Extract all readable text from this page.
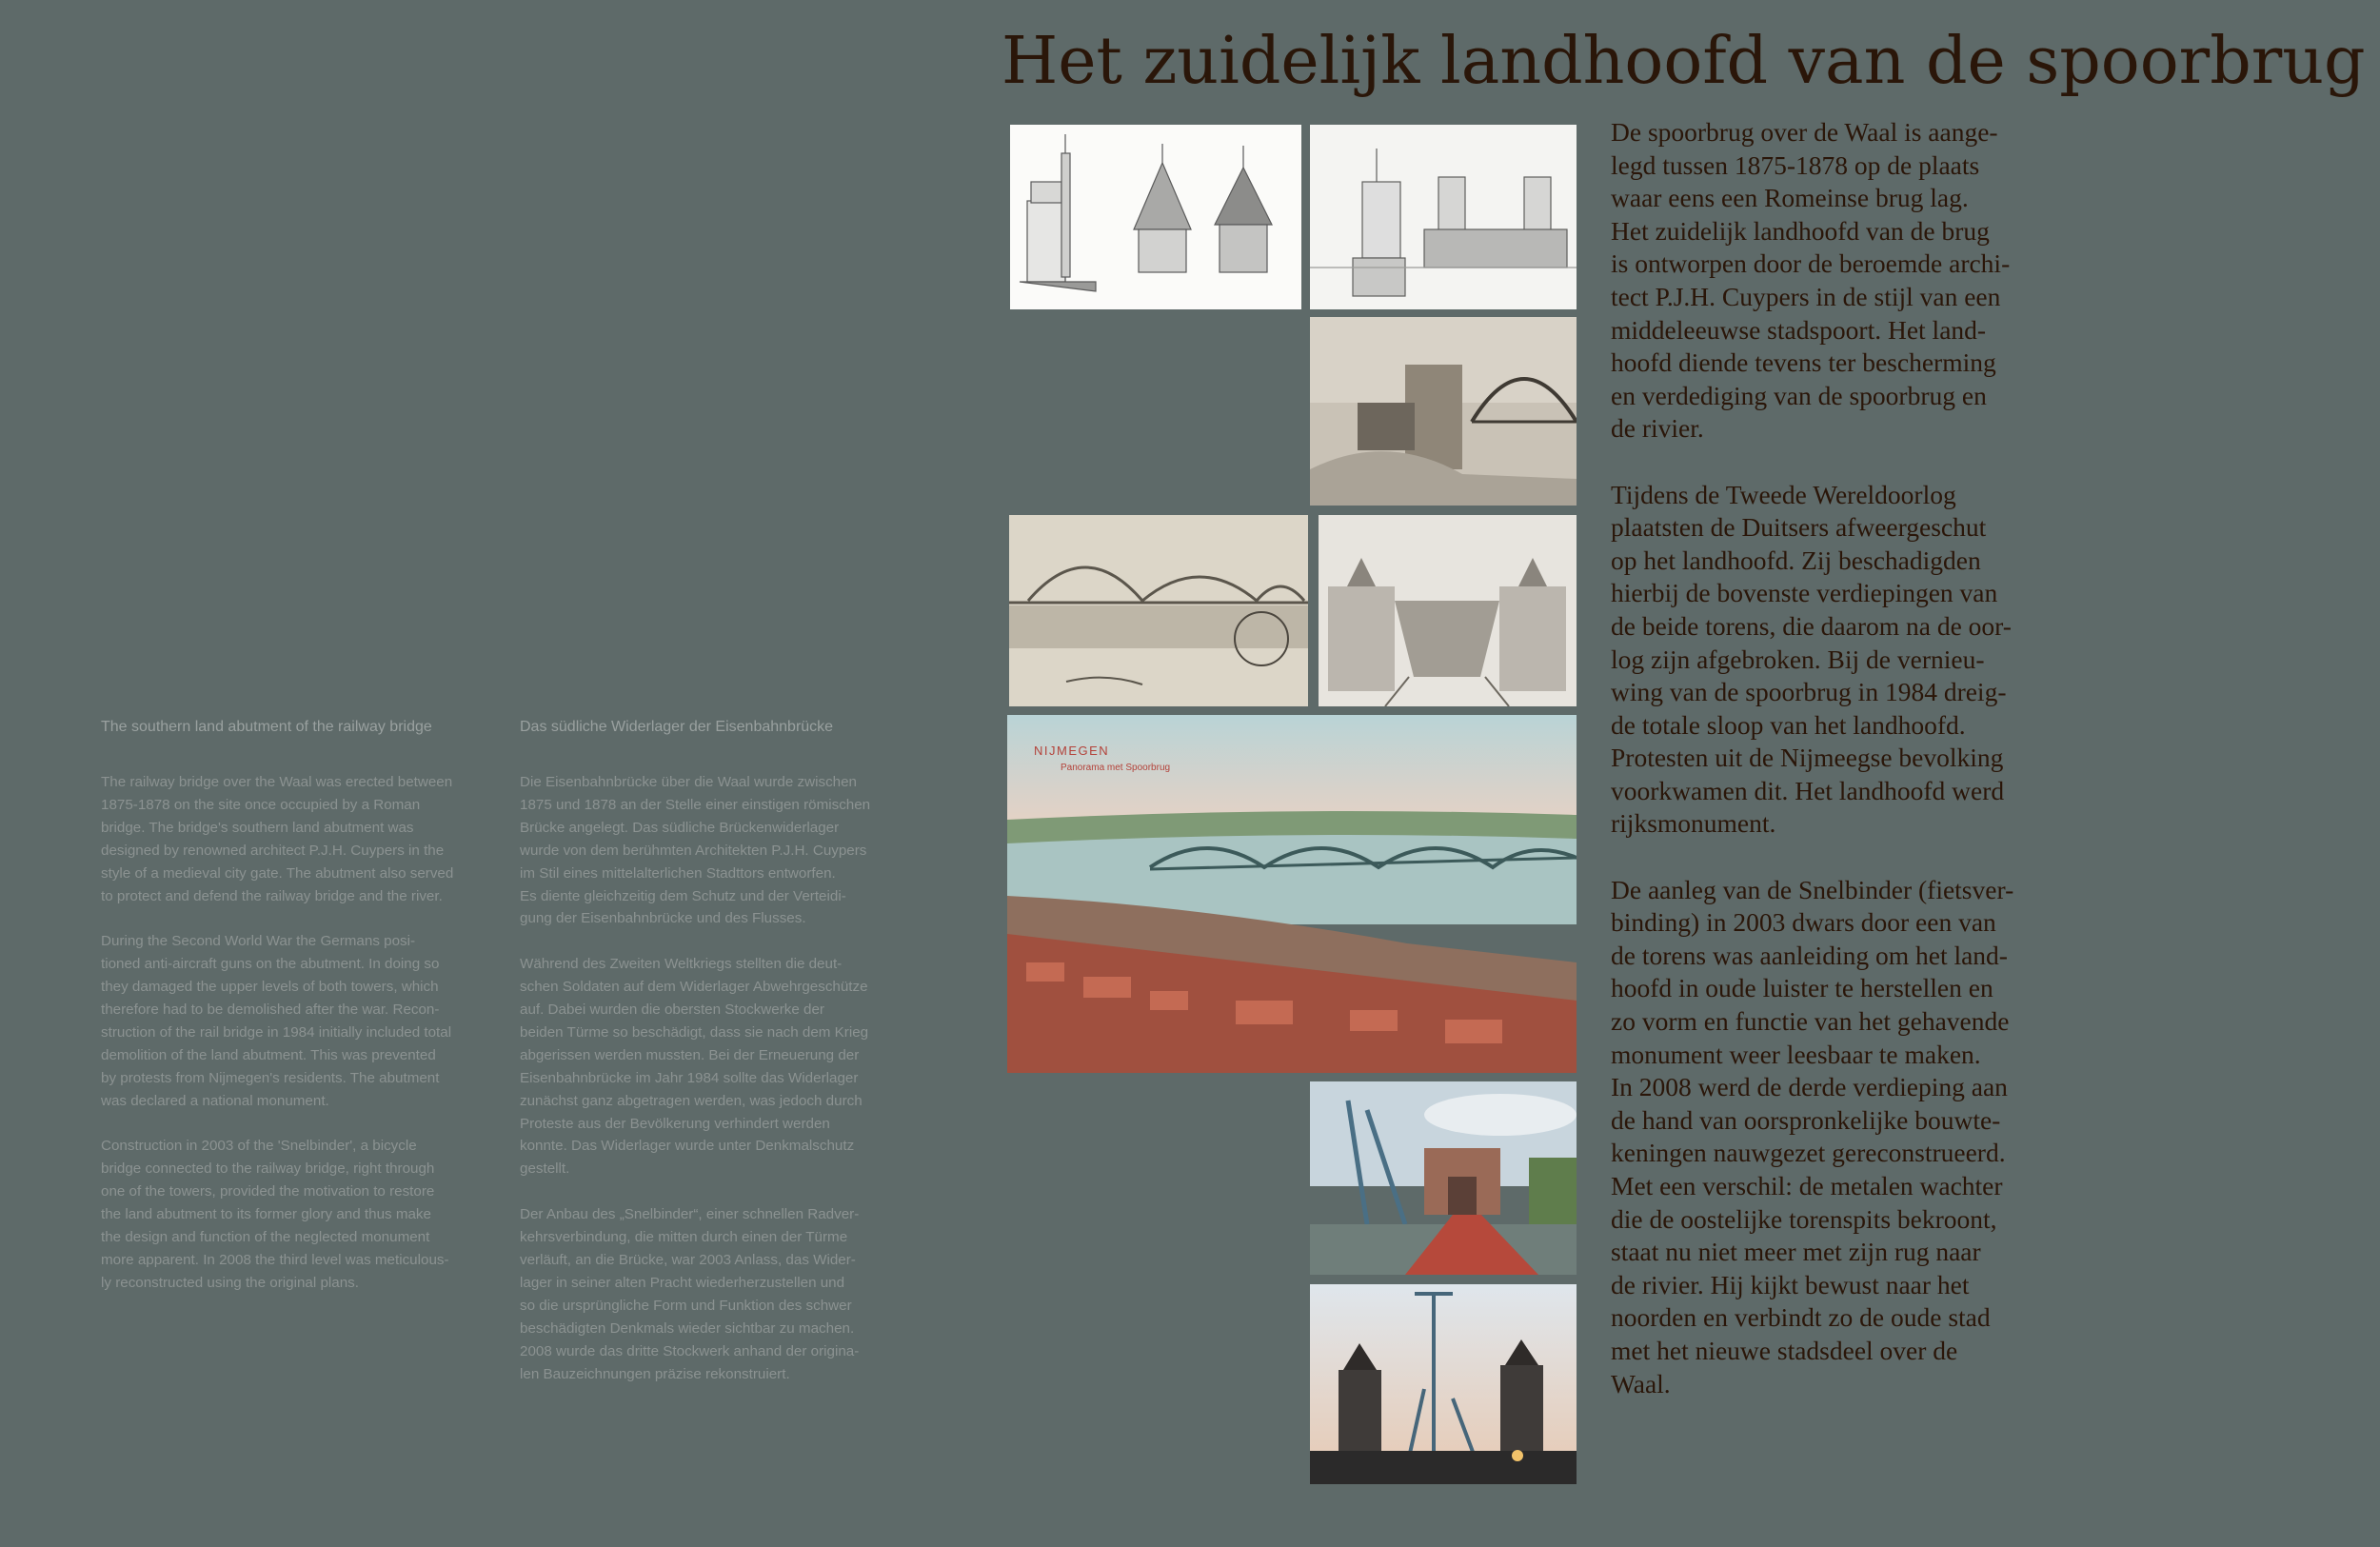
Het zuidelijk landhoofd van de spoorbrug
NIJMEGEN
Panorama met Spoorbrug

De spoorbrug over de Waal is aange-
legd tussen 1875-1878 op de plaats
waar eens een Romeinse brug lag.
Het zuidelijk landhoofd van de brug
is ontworpen door de beroemde archi-
tect P.J.H. Cuypers in de stijl van een
middeleeuwse stadspoort. Het land-
hoofd diende tevens ter bescherming
en verdediging van de spoorbrug en
de rivier.

Tijdens de Tweede Wereldoorlog
plaatsten de Duitsers afweergeschut
op het landhoofd. Zij beschadigden
hierbij de bovenste verdiepingen van
de beide torens, die daarom na de oor-
log zijn afgebroken. Bij de vernieu-
wing van de spoorbrug in 1984 dreig-
de totale sloop van het landhoofd.
Protesten uit de Nijmeegse bevolking
voorkwamen dit. Het landhoofd werd
rijksmonument.

De aanleg van de Snelbinder (fietsver-
binding) in 2003 dwars door een van
de torens was aanleiding om het land-
hoofd in oude luister te herstellen en
zo vorm en functie van het gehavende
monument weer leesbaar te maken.
In 2008 werd de derde verdieping aan
de hand van oorspronkelijke bouwte-
keningen nauwgezet gereconstrueerd.
Met een verschil: de metalen wachter
die de oostelijke torenspits bekroont,
staat nu niet meer met zijn rug naar
de rivier. Hij kijkt bewust naar het
noorden en verbindt zo de oude stad
met het nieuwe stadsdeel over de
Waal.

The southern land abutment of the railway bridge

The railway bridge over the Waal was erected between
1875-1878 on the site once occupied by a Roman
bridge. The bridge's southern land abutment was
designed by renowned architect P.J.H. Cuypers in the
style of a medieval city gate. The abutment also served
to protect and defend the railway bridge and the river.

During the Second World War the Germans posi-
tioned anti-aircraft guns on the abutment. In doing so
they damaged the upper levels of both towers, which
therefore had to be demolished after the war. Recon-
struction of the rail bridge in 1984 initially included total
demolition of the land abutment. This was prevented
by protests from Nijmegen's residents. The abutment
was declared a national monument.

Construction in 2003 of the 'Snelbinder', a bicycle
bridge connected to the railway bridge, right through
one of the towers, provided the motivation to restore
the land abutment to its former glory and thus make
the design and function of the neglected monument
more apparent. In 2008 the third level was meticulous-
ly reconstructed using the original plans.

Das südliche Widerlager der Eisenbahnbrücke

Die Eisenbahnbrücke über die Waal wurde zwischen
1875 und 1878 an der Stelle einer einstigen römischen
Brücke angelegt. Das südliche Brückenwiderlager
wurde von dem berühmten Architekten P.J.H. Cuypers
im Stil eines mittelalterlichen Stadttors entworfen.
Es diente gleichzeitig dem Schutz und der Verteidi-
gung der Eisenbahnbrücke und des Flusses.

Während des Zweiten Weltkriegs stellten die deut-
schen Soldaten auf dem Widerlager Abwehrgeschütze
auf. Dabei wurden die obersten Stockwerke der
beiden Türme so beschädigt, dass sie nach dem Krieg
abgerissen werden mussten. Bei der Erneuerung der
Eisenbahnbrücke im Jahr 1984 sollte das Widerlager
zunächst ganz abgetragen werden, was jedoch durch
Proteste aus der Bevölkerung verhindert werden
konnte. Das Widerlager wurde unter Denkmalschutz
gestellt.

Der Anbau des „Snelbinder“, einer schnellen Radver-
kehrsverbindung, die mitten durch einen der Türme
verläuft, an die Brücke, war 2003 Anlass, das Wider-
lager in seiner alten Pracht wiederherzustellen und
so die ursprüngliche Form und Funktion des schwer
beschädigten Denkmals wieder sichtbar zu machen.
2008 wurde das dritte Stockwerk anhand der origina-
len Bauzeichnungen präzise rekonstruiert.
